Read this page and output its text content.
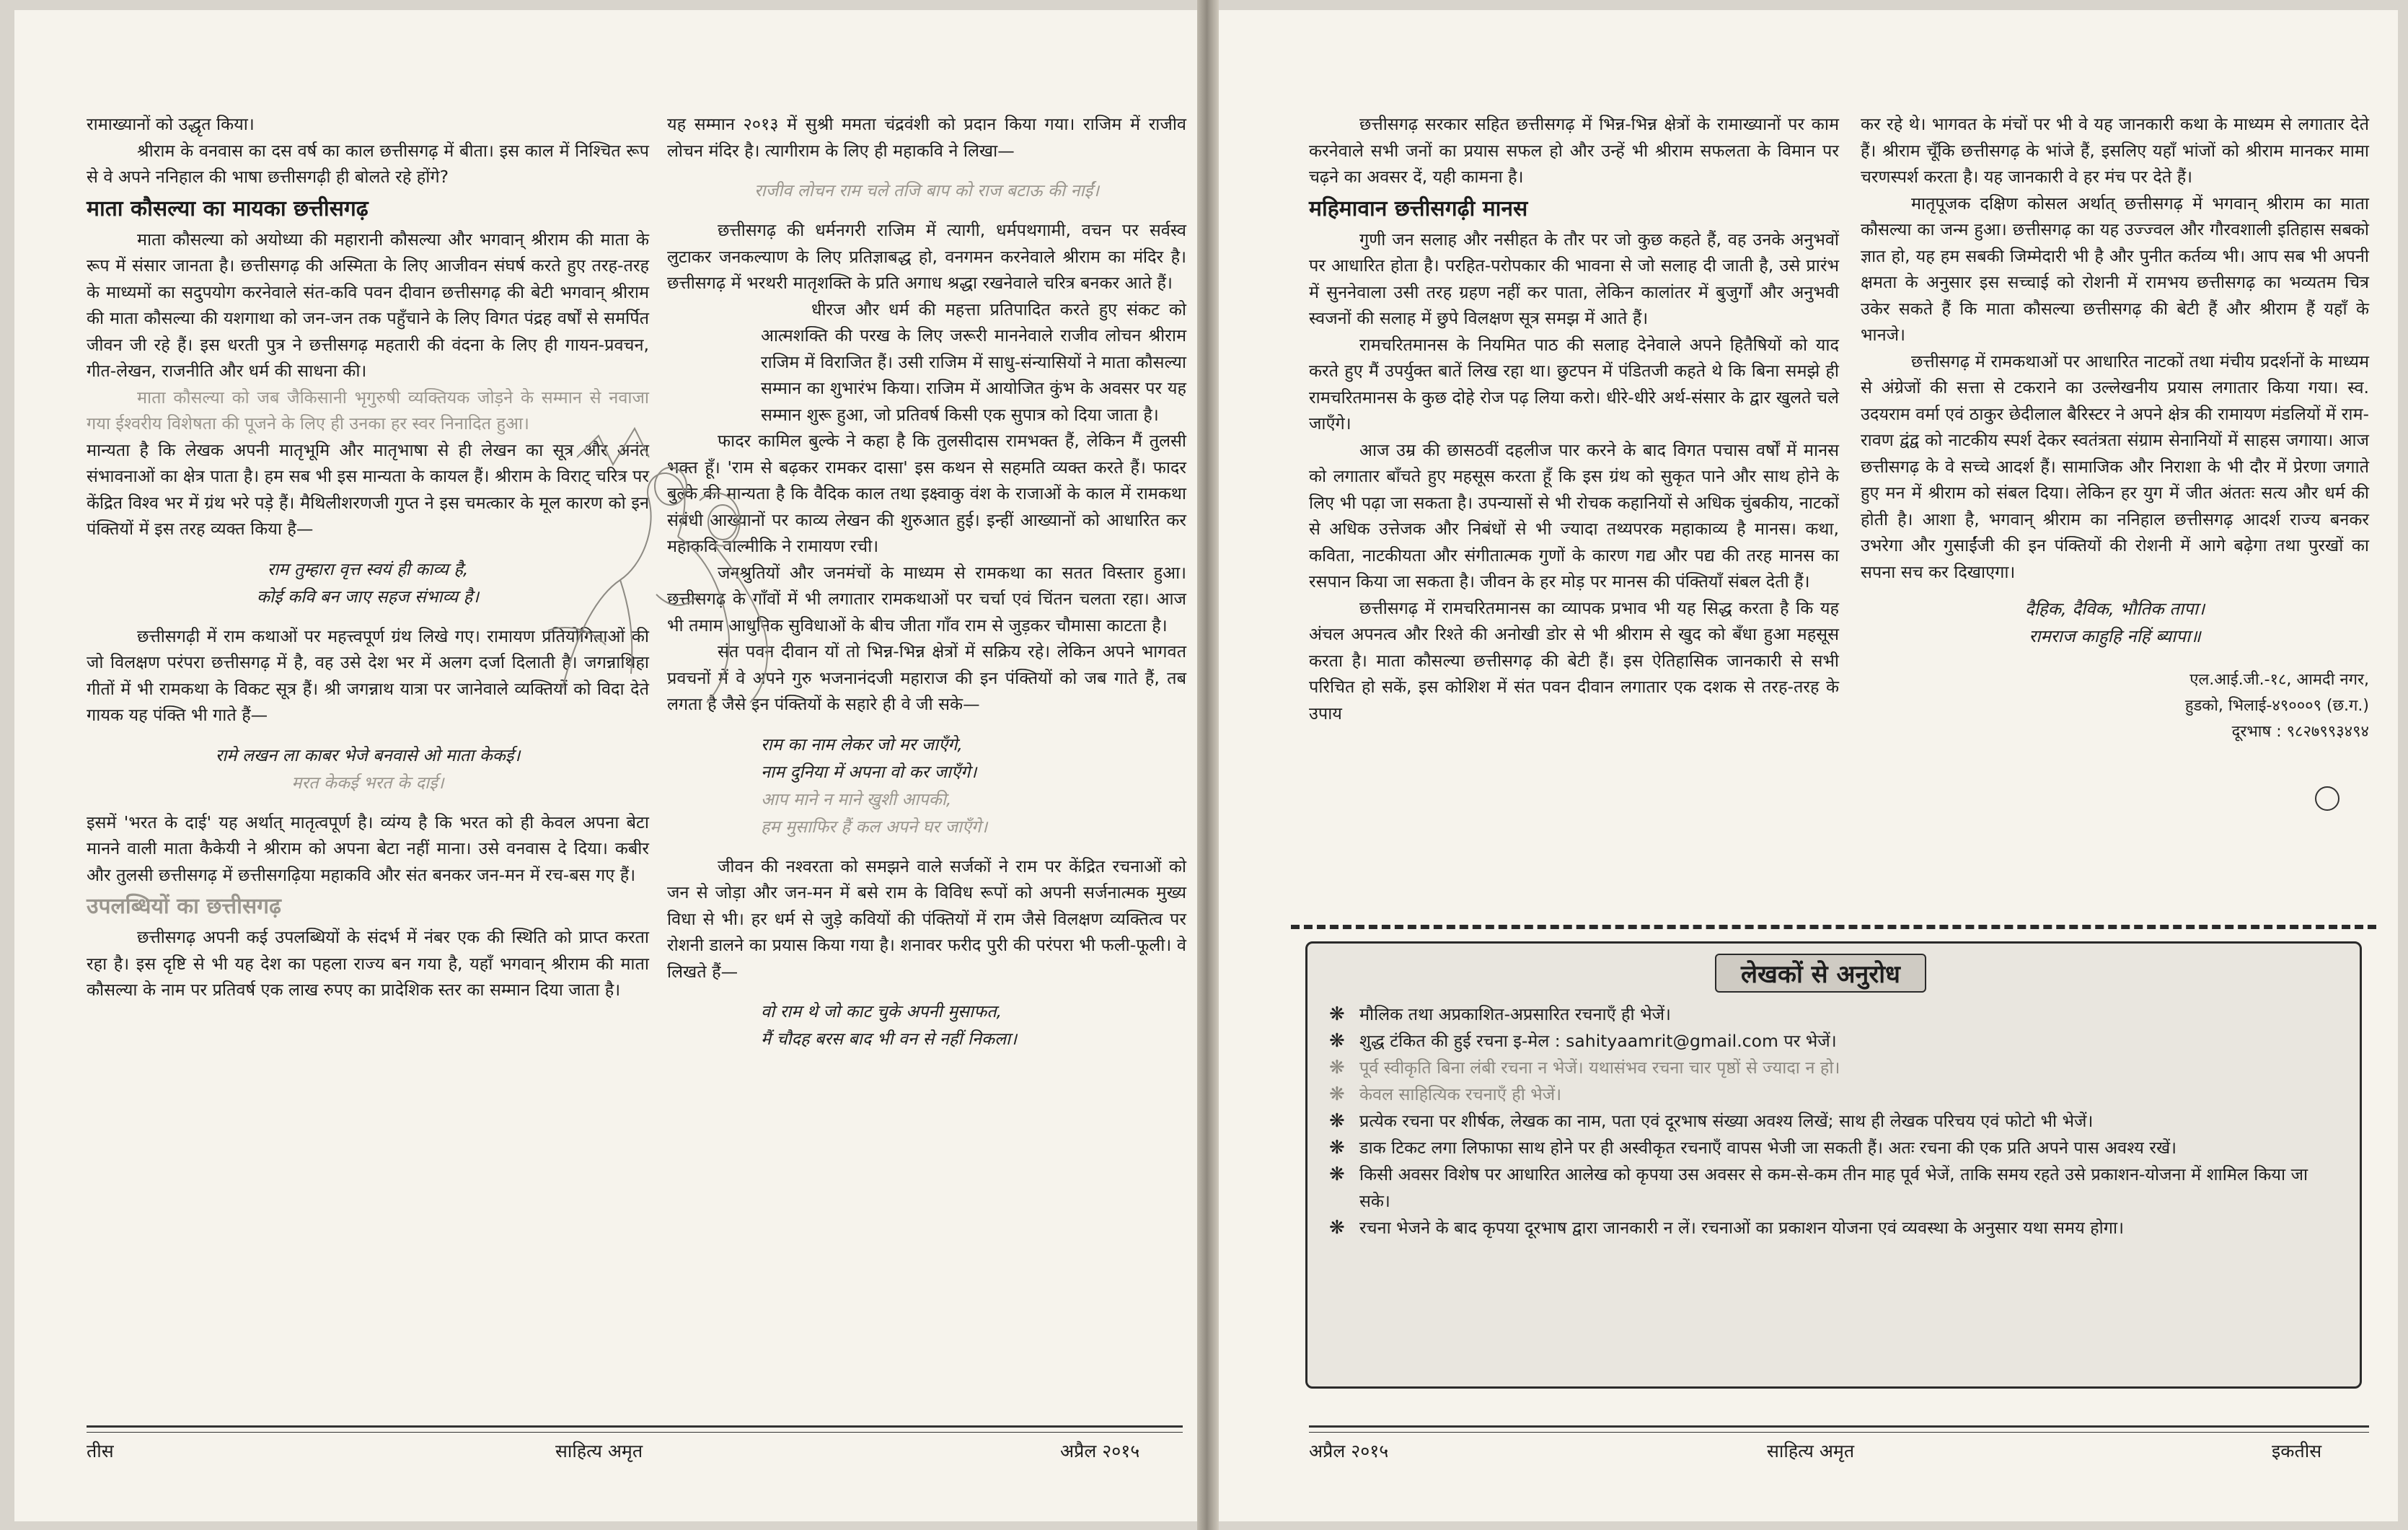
रामाख्यानों को उद्धृत किया।

श्रीराम के वनवास का दस वर्ष का काल छत्तीसगढ़ में बीता। इस काल में निश्चित रूप से वे अपने ननिहाल की भाषा छत्तीसगढ़ी ही बोलते रहे होंगे?

माता कौसल्या का मायका छत्तीसगढ़

माता कौसल्या को अयोध्या की महारानी कौसल्या और भगवान् श्रीराम की माता के रूप में संसार जानता है। छत्तीसगढ़ की अस्मिता के लिए आजीवन संघर्ष करते हुए तरह-तरह के माध्यमों का सदुपयोग करनेवाले संत-कवि पवन दीवान छत्तीसगढ़ की बेटी भगवान् श्रीराम की माता कौसल्या की यशगाथा को जन-जन तक पहुँचाने के लिए विगत पंद्रह वर्षों से समर्पित जीवन जी रहे हैं। इस धरती पुत्र ने छत्तीसगढ़ महतारी की वंदना के लिए ही गायन-प्रवचन, गीत-लेखन, राजनीति और धर्म की साधना की।

माता कौसल्या को जब जैकिसानी भृगुरुषी व्यक्तियक जोड़ने के सम्मान से नवाजा गया ईश्वरीय विशेषता की पूजने के लिए ही उनका हर स्वर निनादित हुआ।

मान्यता है कि लेखक अपनी मातृभूमि और मातृभाषा से ही लेखन का सूत्र और अनंत संभावनाओं का क्षेत्र पाता है। हम सब भी इस मान्यता के कायल हैं। श्रीराम के विराट् चरित्र पर केंद्रित विश्व भर में ग्रंथ भरे पड़े हैं। मैथिलीशरणजी गुप्त ने इस चमत्कार के मूल कारण को इन पंक्तियों में इस तरह व्यक्त किया है—

राम तुम्हारा वृत्त स्वयं ही काव्य है,
कोई कवि बन जाए सहज संभाव्य है।

छत्तीसगढ़ी में राम कथाओं पर महत्त्वपूर्ण ग्रंथ लिखे गए। रामायण प्रतियोगिताओं की जो विलक्षण परंपरा छत्तीसगढ़ में है, वह उसे देश भर में अलग दर्जा दिलाती है। जगन्नाथिहा गीतों में भी रामकथा के विकट सूत्र हैं। श्री जगन्नाथ यात्रा पर जानेवाले व्यक्तियों को विदा देते गायक यह पंक्ति भी गाते हैं—

रामे लखन ला काबर भेजे बनवासे ओ माता केकई।
मरत केकई भरत के दाई।

इसमें 'भरत के दाई' यह अर्थात् मातृत्वपूर्ण है। व्यंग्य है कि भरत को ही केवल अपना बेटा मानने वाली माता कैकेयी ने श्रीराम को अपना बेटा नहीं माना। उसे वनवास दे दिया। कबीर और तुलसी छत्तीसगढ़ में छत्तीसगढ़िया महाकवि और संत बनकर जन-मन में रच-बस गए हैं।

उपलब्धियों का छत्तीसगढ़

छत्तीसगढ़ अपनी कई उपलब्धियों के संदर्भ में नंबर एक की स्थिति को प्राप्त करता रहा है। इस दृष्टि से भी यह देश का पहला राज्य बन गया है, यहाँ भगवान् श्रीराम की माता कौसल्या के नाम पर प्रतिवर्ष एक लाख रुपए का प्रादेशिक स्तर का सम्मान दिया जाता है।

यह सम्मान २०१३ में सुश्री ममता चंद्रवंशी को प्रदान किया गया। राजिम में राजीव लोचन मंदिर है। त्यागीराम के लिए ही महाकवि ने लिखा—

राजीव लोचन राम चले तजि बाप को राज बटाऊ की नाईं।

छत्तीसगढ़ की धर्मनगरी राजिम में त्यागी, धर्मपथगामी, वचन पर सर्वस्व लुटाकर जनकल्याण के लिए प्रतिज्ञाबद्ध हो, वनगमन करनेवाले श्रीराम का मंदिर है। छत्तीसगढ़ में भरथरी मातृशक्ति के प्रति अगाध श्रद्धा रखनेवाले चरित्र बनकर आते हैं।

धीरज और धर्म की महत्ता प्रतिपादित करते हुए संकट को आत्मशक्ति की परख के लिए जरूरी माननेवाले राजीव लोचन श्रीराम राजिम में विराजित हैं। उसी राजिम में साधु-संन्यासियों ने माता कौसल्या सम्मान का शुभारंभ किया। राजिम में आयोजित कुंभ के अवसर पर यह सम्मान शुरू हुआ, जो प्रतिवर्ष किसी एक सुपात्र को दिया जाता है।

फादर कामिल बुल्के ने कहा है कि तुलसीदास रामभक्त हैं, लेकिन मैं तुलसी भक्त हूँ। 'राम से बढ़कर रामकर दासा' इस कथन से सहमति व्यक्त करते हैं। फादर बुल्के की मान्यता है कि वैदिक काल तथा इक्ष्वाकु वंश के राजाओं के काल में रामकथा संबंधी आख्यानों पर काव्य लेखन की शुरुआत हुई। इन्हीं आख्यानों को आधारित कर महाकवि वाल्मीकि ने रामायण रची।

जनश्रुतियों और जनमंचों के माध्यम से रामकथा का सतत विस्तार हुआ। छत्तीसगढ़ के गाँवों में भी लगातार रामकथाओं पर चर्चा एवं चिंतन चलता रहा। आज भी तमाम आधुनिक सुविधाओं के बीच जीता गाँव राम से जुड़कर चौमासा काटता है।

संत पवन दीवान यों तो भिन्न-भिन्न क्षेत्रों में सक्रिय रहे। लेकिन अपने भागवत प्रवचनों में वे अपने गुरु भजनानंदजी महाराज की इन पंक्तियों को जब गाते हैं, तब लगता है जैसे इन पंक्तियों के सहारे ही वे जी सके—

राम का नाम लेकर जो मर जाएँगे,
नाम दुनिया में अपना वो कर जाएँगे।
आप माने न माने खुशी आपकी,
हम मुसाफिर हैं कल अपने घर जाएँगे।

जीवन की नश्वरता को समझने वाले सर्जकों ने राम पर केंद्रित रचनाओं को जन से जोड़ा और जन-मन में बसे राम के विविध रूपों को अपनी सर्जनात्मक मुख्य विधा से भी। हर धर्म से जुड़े कवियों की पंक्तियों में राम जैसे विलक्षण व्यक्तित्व पर रोशनी डालने का प्रयास किया गया है। शनावर फरीद पुरी की परंपरा भी फली-फूली। वे लिखते हैं—

वो राम थे जो काट चुके अपनी मुसाफत,
मैं चौदह बरस बाद भी वन से नहीं निकला।
तीस	साहित्य अमृत	अप्रैल २०१५

छत्तीसगढ़ सरकार सहित छत्तीसगढ़ में भिन्न-भिन्न क्षेत्रों के रामाख्यानों पर काम करनेवाले सभी जनों का प्रयास सफल हो और उन्हें भी श्रीराम सफलता के विमान पर चढ़ने का अवसर दें, यही कामना है।

महिमावान छत्तीसगढ़ी मानस

गुणी जन सलाह और नसीहत के तौर पर जो कुछ कहते हैं, वह उनके अनुभवों पर आधारित होता है। परहित-परोपकार की भावना से जो सलाह दी जाती है, उसे प्रारंभ में सुननेवाला उसी तरह ग्रहण नहीं कर पाता, लेकिन कालांतर में बुजुर्गों और अनुभवी स्वजनों की सलाह में छुपे विलक्षण सूत्र समझ में आते हैं।

रामचरितमानस के नियमित पाठ की सलाह देनेवाले अपने हितैषियों को याद करते हुए मैं उपर्युक्त बातें लिख रहा था। छुटपन में पंडितजी कहते थे कि बिना समझे ही रामचरितमानस के कुछ दोहे रोज पढ़ लिया करो। धीरे-धीरे अर्थ-संसार के द्वार खुलते चले जाएँगे।

आज उम्र की छासठवीं दहलीज पार करने के बाद विगत पचास वर्षों में मानस को लगातार बाँचते हुए महसूस करता हूँ कि इस ग्रंथ को सुकृत पाने और साथ होने के लिए भी पढ़ा जा सकता है। उपन्यासों से भी रोचक कहानियों से अधिक चुंबकीय, नाटकों से अधिक उत्तेजक और निबंधों से भी ज्यादा तथ्यपरक महाकाव्य है मानस। कथा, कविता, नाटकीयता और संगीतात्मक गुणों के कारण गद्य और पद्य की तरह मानस का रसपान किया जा सकता है। जीवन के हर मोड़ पर मानस की पंक्तियाँ संबल देती हैं।

छत्तीसगढ़ में रामचरितमानस का व्यापक प्रभाव भी यह सिद्ध करता है कि यह अंचल अपनत्व और रिश्ते की अनोखी डोर से भी श्रीराम से खुद को बँधा हुआ महसूस करता है। माता कौसल्या छत्तीसगढ़ की बेटी हैं। इस ऐतिहासिक जानकारी से सभी परिचित हो सकें, इस कोशिश में संत पवन दीवान लगातार एक दशक से तरह-तरह के उपाय

कर रहे थे। भागवत के मंचों पर भी वे यह जानकारी कथा के माध्यम से लगातार देते हैं। श्रीराम चूँकि छत्तीसगढ़ के भांजे हैं, इसलिए यहाँ भांजों को श्रीराम मानकर मामा चरणस्पर्श करता है। यह जानकारी वे हर मंच पर देते हैं।

मातृपूजक दक्षिण कोसल अर्थात् छत्तीसगढ़ में भगवान् श्रीराम का माता कौसल्या का जन्म हुआ। छत्तीसगढ़ का यह उज्ज्वल और गौरवशाली इतिहास सबको ज्ञात हो, यह हम सबकी जिम्मेदारी भी है और पुनीत कर्तव्य भी। आप सब भी अपनी क्षमता के अनुसार इस सच्चाई को रोशनी में रामभय छत्तीसगढ़ का भव्यतम चित्र उकेर सकते हैं कि माता कौसल्या छत्तीसगढ़ की बेटी हैं और श्रीराम हैं यहाँ के भानजे।

छत्तीसगढ़ में रामकथाओं पर आधारित नाटकों तथा मंचीय प्रदर्शनों के माध्यम से अंग्रेजों की सत्ता से टकराने का उल्लेखनीय प्रयास लगातार किया गया। स्व. उदयराम वर्मा एवं ठाकुर छेदीलाल बैरिस्टर ने अपने क्षेत्र की रामायण मंडलियों में राम-रावण द्वंद्व को नाटकीय स्पर्श देकर स्वतंत्रता संग्राम सेनानियों में साहस जगाया। आज छत्तीसगढ़ के वे सच्चे आदर्श हैं। सामाजिक और निराशा के भी दौर में प्रेरणा जगाते हुए मन में श्रीराम को संबल दिया। लेकिन हर युग में जीत अंततः सत्य और धर्म की होती है। आशा है, भगवान् श्रीराम का ननिहाल छत्तीसगढ़ आदर्श राज्य बनकर उभरेगा और गुसाईंजी की इन पंक्तियों की रोशनी में आगे बढ़ेगा तथा पुरखों का सपना सच कर दिखाएगा।

दैहिक, दैविक, भौतिक तापा।
रामराज काहुहि नहिं ब्यापा॥
एल.आई.जी.-१८, आमदी नगर,
हुडको, भिलाई-४९०००९ (छ.ग.)
दूरभाष : ९८२७९९३४९४
अप्रैल २०१५	साहित्य अमृत	इकतीस
लेखकों से अनुरोध
❋ मौलिक तथा अप्रकाशित-अप्रसारित रचनाएँ ही भेजें।
❋ शुद्ध टंकित की हुई रचना इ-मेल : sahityaamrit@gmail.com पर भेजें।
❋ पूर्व स्वीकृति बिना लंबी रचना न भेजें। यथासंभव रचना चार पृष्ठों से ज्यादा न हो।
❋ केवल साहित्यिक रचनाएँ ही भेजें।
❋ प्रत्येक रचना पर शीर्षक, लेखक का नाम, पता एवं दूरभाष संख्या अवश्य लिखें; साथ ही लेखक परिचय एवं फोटो भी भेजें।
❋ डाक टिकट लगा लिफाफा साथ होने पर ही अस्वीकृत रचनाएँ वापस भेजी जा सकती हैं। अतः रचना की एक प्रति अपने पास अवश्य रखें।
❋ किसी अवसर विशेष पर आधारित आलेख को कृपया उस अवसर से कम-से-कम तीन माह पूर्व भेजें, ताकि समय रहते उसे प्रकाशन-योजना में शामिल किया जा सके।
❋ रचना भेजने के बाद कृपया दूरभाष द्वारा जानकारी न लें। रचनाओं का प्रकाशन योजना एवं व्यवस्था के अनुसार यथा समय होगा।
